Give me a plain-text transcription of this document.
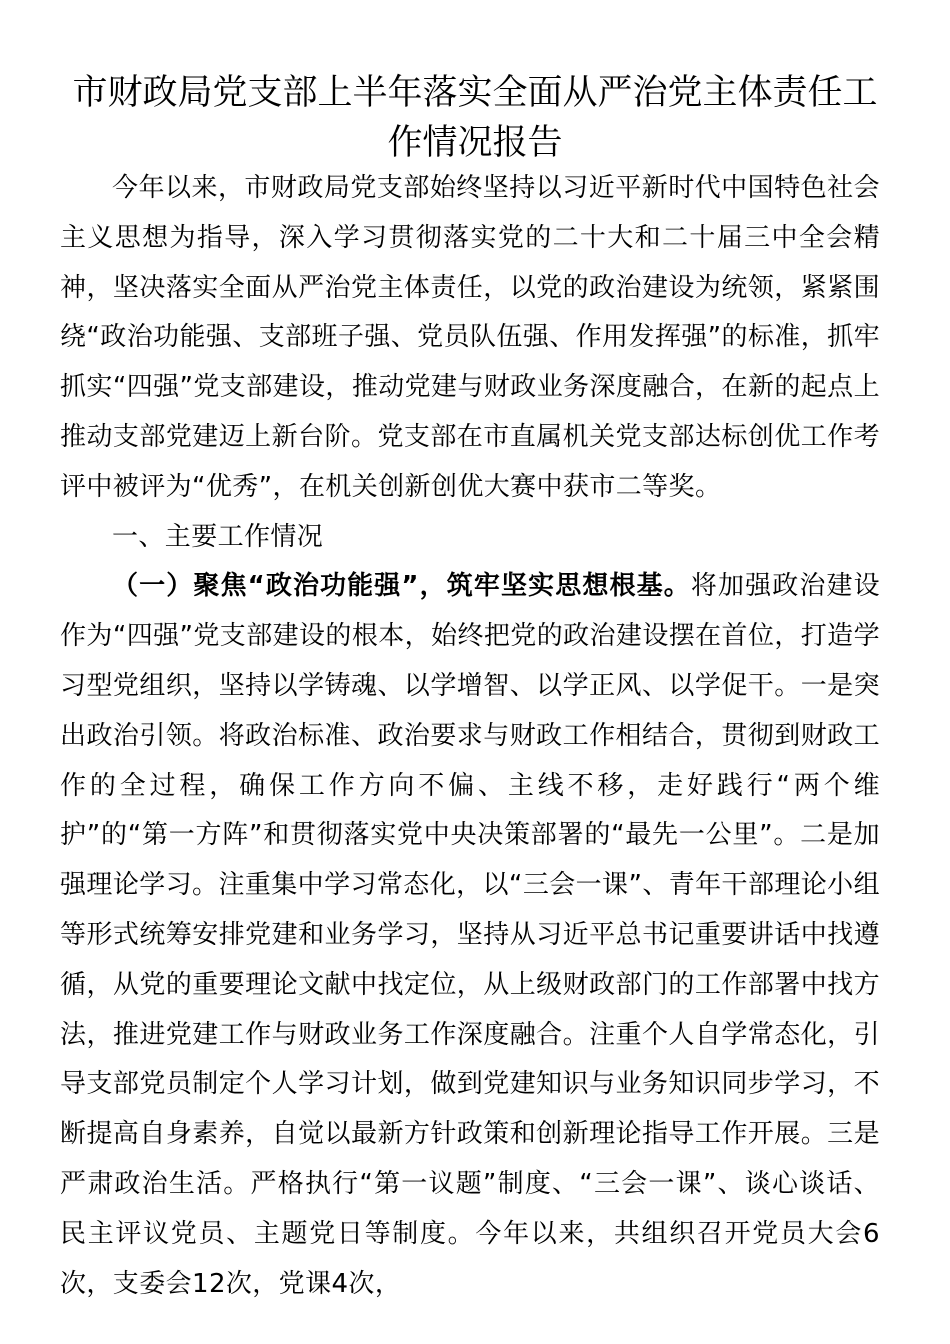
市财政局党支部上半年落实全面从严治党主体责任工作情况报告

今年以来，市财政局党支部始终坚持以习近平新时代中国特色社会主义思想为指导，深入学习贯彻落实党的二十大和二十届三中全会精神，坚决落实全面从严治党主体责任，以党的政治建设为统领，紧紧围绕“政治功能强、支部班子强、党员队伍强、作用发挥强”的标准，抓牢抓实“四强”党支部建设，推动党建与财政业务深度融合，在新的起点上推动支部党建迈上新台阶。党支部在市直属机关党支部达标创优工作考评中被评为“优秀”，在机关创新创优大赛中获市二等奖。

一、主要工作情况

（一）聚焦“政治功能强”，筑牢坚实思想根基。将加强政治建设作为“四强”党支部建设的根本，始终把党的政治建设摆在首位，打造学习型党组织，坚持以学铸魂、以学增智、以学正风、以学促干。一是突出政治引领。将政治标准、政治要求与财政工作相结合，贯彻到财政工作的全过程，确保工作方向不偏、主线不移，走好践行“两个维护”的“第一方阵”和贯彻落实党中央决策部署的“最先一公里”。二是加强理论学习。注重集中学习常态化，以“三会一课”、青年干部理论小组等形式统筹安排党建和业务学习，坚持从习近平总书记重要讲话中找遵循，从党的重要理论文献中找定位，从上级财政部门的工作部署中找方法，推进党建工作与财政业务工作深度融合。注重个人自学常态化，引导支部党员制定个人学习计划，做到党建知识与业务知识同步学习，不断提高自身素养，自觉以最新方针政策和创新理论指导工作开展。三是严肃政治生活。严格执行“第一议题”制度、“三会一课”、谈心谈话、民主评议党员、主题党日等制度。今年以来，共组织召开党员大会6次，支委会12次，党课4次，
